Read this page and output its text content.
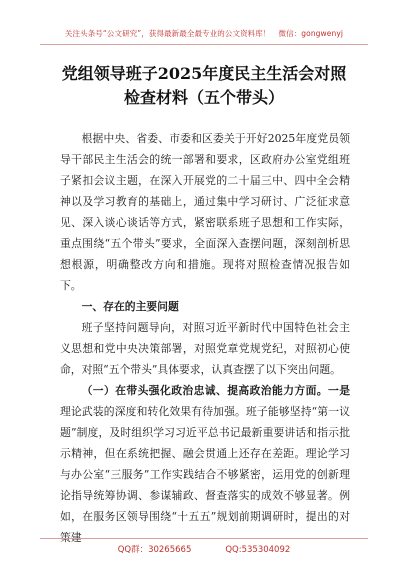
关注头条号“公文研究”，获得最新最全最专业的公文资料库！ 微信：gongwenyj
党组领导班子2025年度民主生活会对照
检查材料（五个带头）

根据中央、省委、市委和区委关于开好2025年度党员领导干部民主生活会的统一部署和要求，区政府办公室党组班子紧扣会议主题，在深入开展党的二十届三中、四中全会精神以及学习教育的基础上，通过集中学习研讨、广泛征求意见、深入谈心谈话等方式，紧密联系班子思想和工作实际，重点围绕“五个带头”要求，全面深入查摆问题，深刻剖析思想根源，明确整改方向和措施。现将对照检查情况报告如下。

一、存在的主要问题

班子坚持问题导向，对照习近平新时代中国特色社会主义思想和党中央决策部署，对照党章党规党纪，对照初心使命，对照“五个带头”具体要求，认真查摆了以下突出问题。

（一）在带头强化政治忠诚、提高政治能力方面。一是理论武装的深度和转化效果有待加强。班子能够坚持“第一议题”制度，及时组织学习习近平总书记最新重要讲话和指示批示精神，但在系统把握、融会贯通上还存在差距。理论学习与办公室“三服务”工作实践结合不够紧密，运用党的创新理论指导统筹协调、参谋辅政、督查落实的成效不够显著。例如，在服务区领导围绕“十五五”规划前期调研时，提出的对策建

QQ群：30265665	QQ:535304092
